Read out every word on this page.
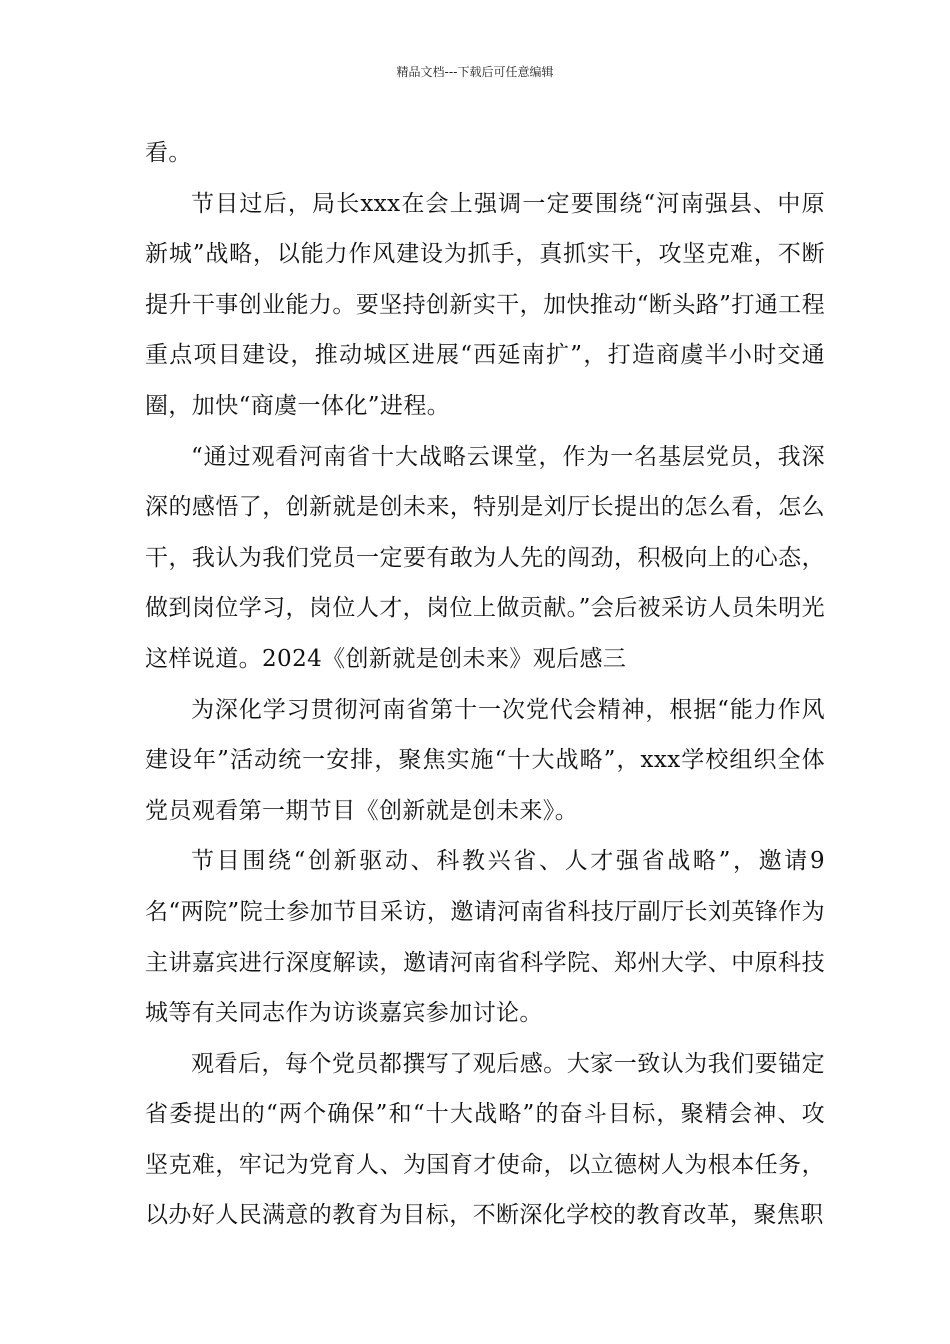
精品文档---下载后可任意编辑

看。

节目过后，局长xxx在会上强调一定要围绕“河南强县、中原新城”战略，以能力作风建设为抓手，真抓实干，攻坚克难，不断提升干事创业能力。要坚持创新实干，加快推动“断头路”打通工程重点项目建设，推动城区进展“西延南扩”，打造商虞半小时交通圈，加快“商虞一体化”进程。

“通过观看河南省十大战略云课堂，作为一名基层党员，我深深的感悟了，创新就是创未来，特别是刘厅长提出的怎么看，怎么干，我认为我们党员一定要有敢为人先的闯劲，积极向上的心态，做到岗位学习，岗位人才，岗位上做贡献。”会后被采访人员朱明光这样说道。2024《创新就是创未来》观后感三

为深化学习贯彻河南省第十一次党代会精神，根据“能力作风建设年”活动统一安排，聚焦实施“十大战略”，xxx学校组织全体党员观看第一期节目《创新就是创未来》。

节目围绕“创新驱动、科教兴省、人才强省战略”，邀请9名“两院”院士参加节目采访，邀请河南省科技厅副厅长刘英锋作为主讲嘉宾进行深度解读，邀请河南省科学院、郑州大学、中原科技城等有关同志作为访谈嘉宾参加讨论。

观看后，每个党员都撰写了观后感。大家一致认为我们要锚定省委提出的“两个确保”和“十大战略”的奋斗目标，聚精会神、攻坚克难，牢记为党育人、为国育才使命，以立德树人为根本任务，以办好人民满意的教育为目标，不断深化学校的教育改革，聚焦职
